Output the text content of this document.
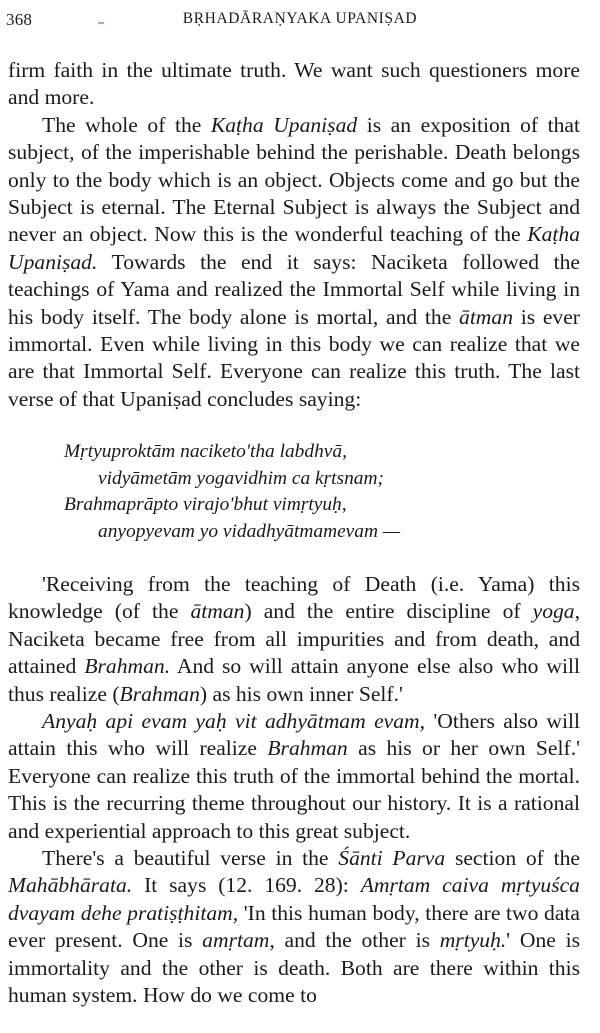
368	BṚHADĀRAṆYAKA UPANIṢAD

firm faith in the ultimate truth. We want such questioners more and more.

The whole of the Kaṭha Upaniṣad is an exposition of that subject, of the imperishable behind the perishable. Death belongs only to the body which is an object. Objects come and go but the Subject is eternal. The Eternal Subject is always the Subject and never an object. Now this is the wonderful teaching of the Kaṭha Upaniṣad. Towards the end it says: Naciketa followed the teachings of Yama and realized the Immortal Self while living in his body itself. The body alone is mortal, and the ātman is ever immortal. Even while living in this body we can realize that we are that Immortal Self. Everyone can realize this truth. The last verse of that Upaniṣad concludes saying:

Mṛtyuproktām naciketo'tha labdhvā,
vidyāmetām yogavidhim ca kṛtsnam;
Brahmaprāpto virajo'bhut vimṛtyuḥ,
anyopyevam yo vidadhyātmamevam —

'Receiving from the teaching of Death (i.e. Yama) this knowledge (of the ātman) and the entire discipline of yoga, Naciketa became free from all impurities and from death, and attained Brahman. And so will attain anyone else also who will thus realize (Brahman) as his own inner Self.'

Anyaḥ api evam yaḥ vit adhyātmam evam, 'Others also will attain this who will realize Brahman as his or her own Self.' Everyone can realize this truth of the immortal behind the mortal. This is the recurring theme throughout our history. It is a rational and experiential approach to this great subject.

There's a beautiful verse in the Śānti Parva section of the Mahābhārata. It says (12. 169. 28): Amṛtam caiva mṛtyuśca dvayam dehe pratiṣṭhitam, 'In this human body, there are two data ever present. One is amṛtam, and the other is mṛtyuḥ.' One is immortality and the other is death. Both are there within this human system. How do we come to
